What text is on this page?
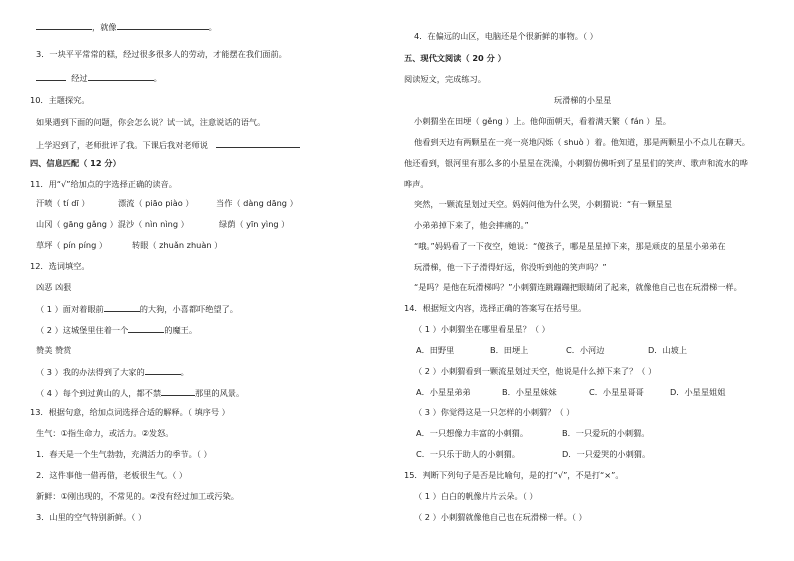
，就像	。
3．一块平平常常的糕，经过很多很多人的劳动，才能摆在我们面前。
经过	。
10．主题探究。
如果遇到下面的问题，你会怎么说？试一试，注意说话的语气。
上学迟到了，老师批评了我。下课后我对老师说
四、信息匹配（ 12 分）
11．用“√”给加点的字选择正确的读音。
汗喷（ tí dī ）	漂流（ piāo piào ）	当作（ dàng dāng ）
山冈（ gāng gǎng ）混沙（ nìn nìng ）	绿荫（ yīn yìng ）
草坪（ pín píng ）	转眼（ zhuǎn zhuàn ）
12．选词填空。
凶恶 凶狠
（ 1 ）面对着眼前	的大狗，小喜都吓绝望了。
（ 2 ）这城堡里住着一个	的魔王。
赞美 赞赏
（ 3 ）我的办法得到了大家的	。
（ 4 ）每个到过黄山的人，都不禁	那里的风景。
13．根据句意，给加点词选择合适的解释。（ 填序号 ）
生气：①指生命力，或活力。②发怒。
1．春天是一个生气勃勃，充满活力的季节。（ ）
2．这件事他一借再借，老板很生气。（ ）
新鲜：①刚出现的，不常见的。②没有经过加工或污染。
3．山里的空气特别新鲜。（ ）
4．在偏远的山区，电脑还是个很新鲜的事物。（ ）
五、现代文阅读（ 20 分 ）
阅读短文，完成练习。
玩滑梯的小星星
小刺猬坐在田埂（ gěng ）上。他仰面朝天，看着满天繁（ fán ）星。
他看到天边有两颗星在一亮一亮地闪烁（ shuò ）着。他知道，那是两颗星小不点儿在聊天。
他还看到，银河里有那么多的小星星在洗澡，小刺猬仿佛听到了星星们的笑声、歌声和流水的哗
哗声。
突然，一颗流星划过天空。妈妈问他为什么哭，小刺猬说：“有一颗星星
小弟弟掉下来了，他会摔痛的。”
“哦。”妈妈看了一下夜空，她说：“傻孩子，哪是星星掉下来，那是顽皮的星星小弟弟在
玩滑梯，他一下子滑得好远，你没听到他的笑声吗？”
“是吗？是他在玩滑梯吗？”小刺猬连跳蹦蹦把眼睛闭了起来，就像他自己也在玩滑梯一样。
14．根据短文内容，选择正确的答案写在括号里。
（ 1 ）小刺猬坐在哪里看星星？（ ）
A．田野里	B．田埂上	C．小河边	D．山坡上
（ 2 ）小刺猬看到一颗流星划过天空，他说是什么掉下来了？（ ）
A．小星星弟弟	B．小星星妹妹	C．小星星哥哥	D．小星星姐姐
（ 3 ）你觉得这是一只怎样的小刺猬？（ ）
A．一只想像力丰富的小刺猬。	B．一只爱玩的小刺猬。
C．一只乐于助人的小刺猬。	D．一只爱哭的小刺猬。
15．判断下列句子是否是比喻句，是的打“√”，不是打“×”。
（ 1 ）白白的帆像片片云朵。（ ）
（ 2 ）小刺猬就像他自己也在玩滑梯一样。（ ）
